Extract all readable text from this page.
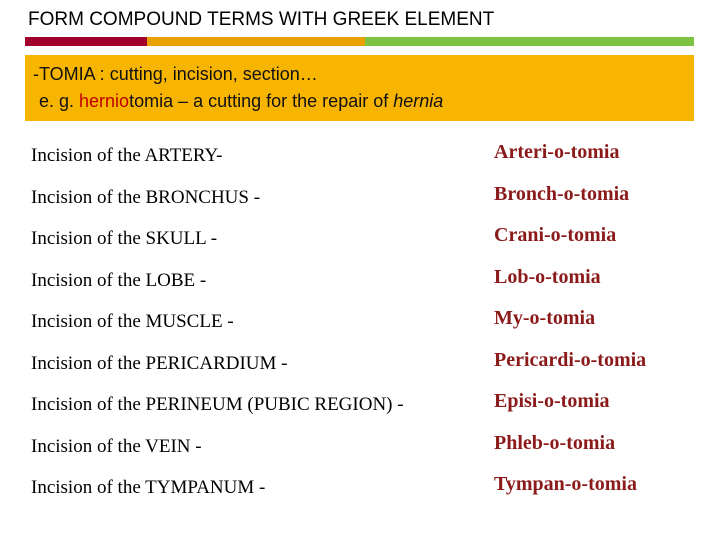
FORM COMPOUND TERMS WITH GREEK ELEMENT
-TOMIA : cutting, incision, section…
e. g. herniotomia – a cutting for the repair of hernia
Incision of the ARTERY-	Arteri-o-tomia
Incision of the BRONCHUS -	Bronch-o-tomia
Incision of the SKULL -	Crani-o-tomia
Incision of the LOBE -	Lob-o-tomia
Incision of the MUSCLE -	My-o-tomia
Incision of the PERICARDIUM -	Pericardi-o-tomia
Incision of the PERINEUM (PUBIC REGION) -	Episi-o-tomia
Incision of the VEIN -	Phleb-o-tomia
Incision of the TYMPANUM -	Tympan-o-tomia
